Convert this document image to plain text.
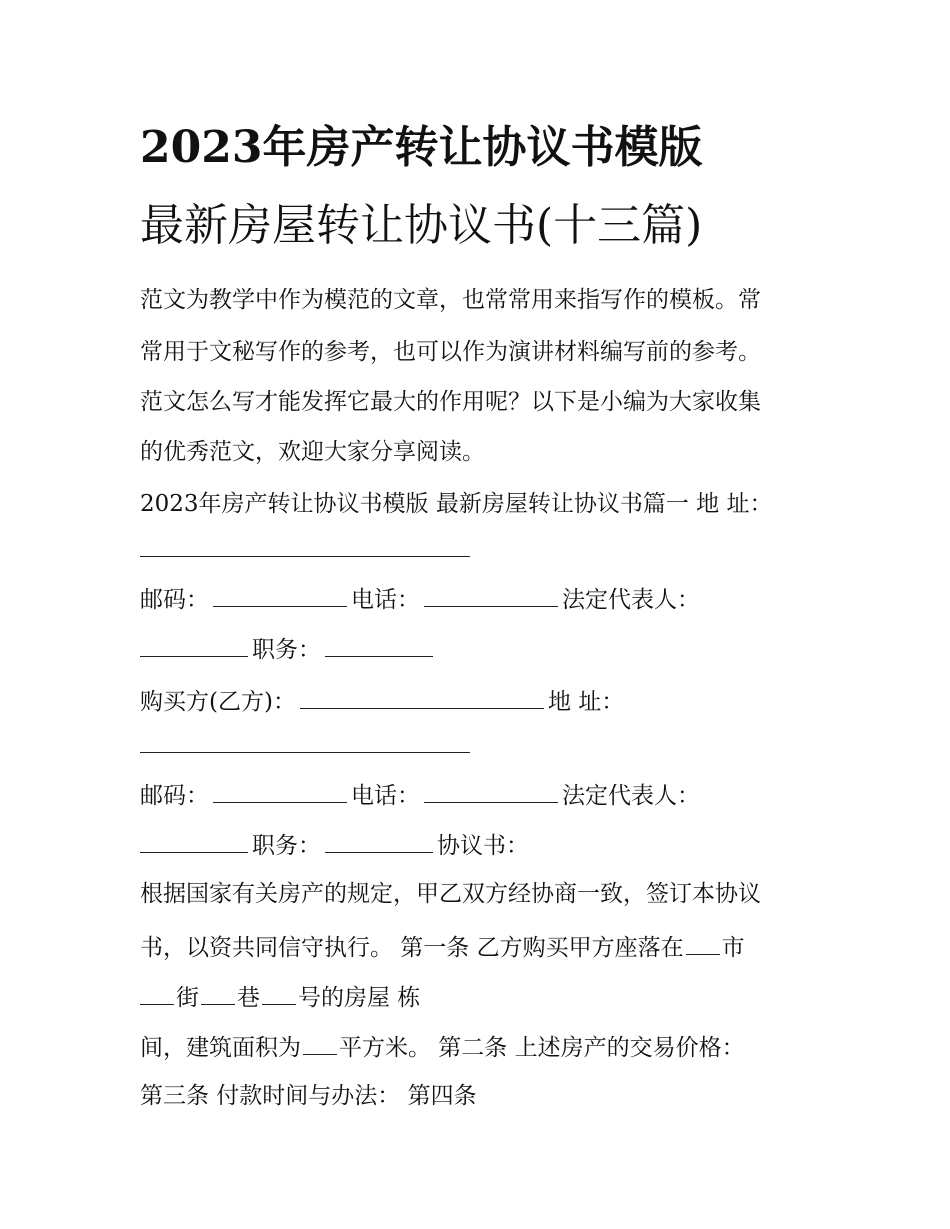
2023年房产转让协议书模版
最新房屋转让协议书(十三篇)

范文为教学中作为模范的文章，也常常用来指写作的模板。常

常用于文秘写作的参考，也可以作为演讲材料编写前的参考。

范文怎么写才能发挥它最大的作用呢？以下是小编为大家收集

的优秀范文，欢迎大家分享阅读。

2023年房产转让协议书模版 最新房屋转让协议书篇一 地 址：

邮码：	电话：	法定代表人：

职务：

购买方(乙方)：	地 址：

邮码：	电话：	法定代表人：

职务：	协议书：

根据国家有关房产的规定，甲乙双方经协商一致，签订本协议

书，以资共同信守执行。 第一条 乙方购买甲方座落在 市

街 巷 号的房屋 栋

间，建筑面积为 平方米。 第二条 上述房产的交易价格：

第三条 付款时间与办法： 第四条
